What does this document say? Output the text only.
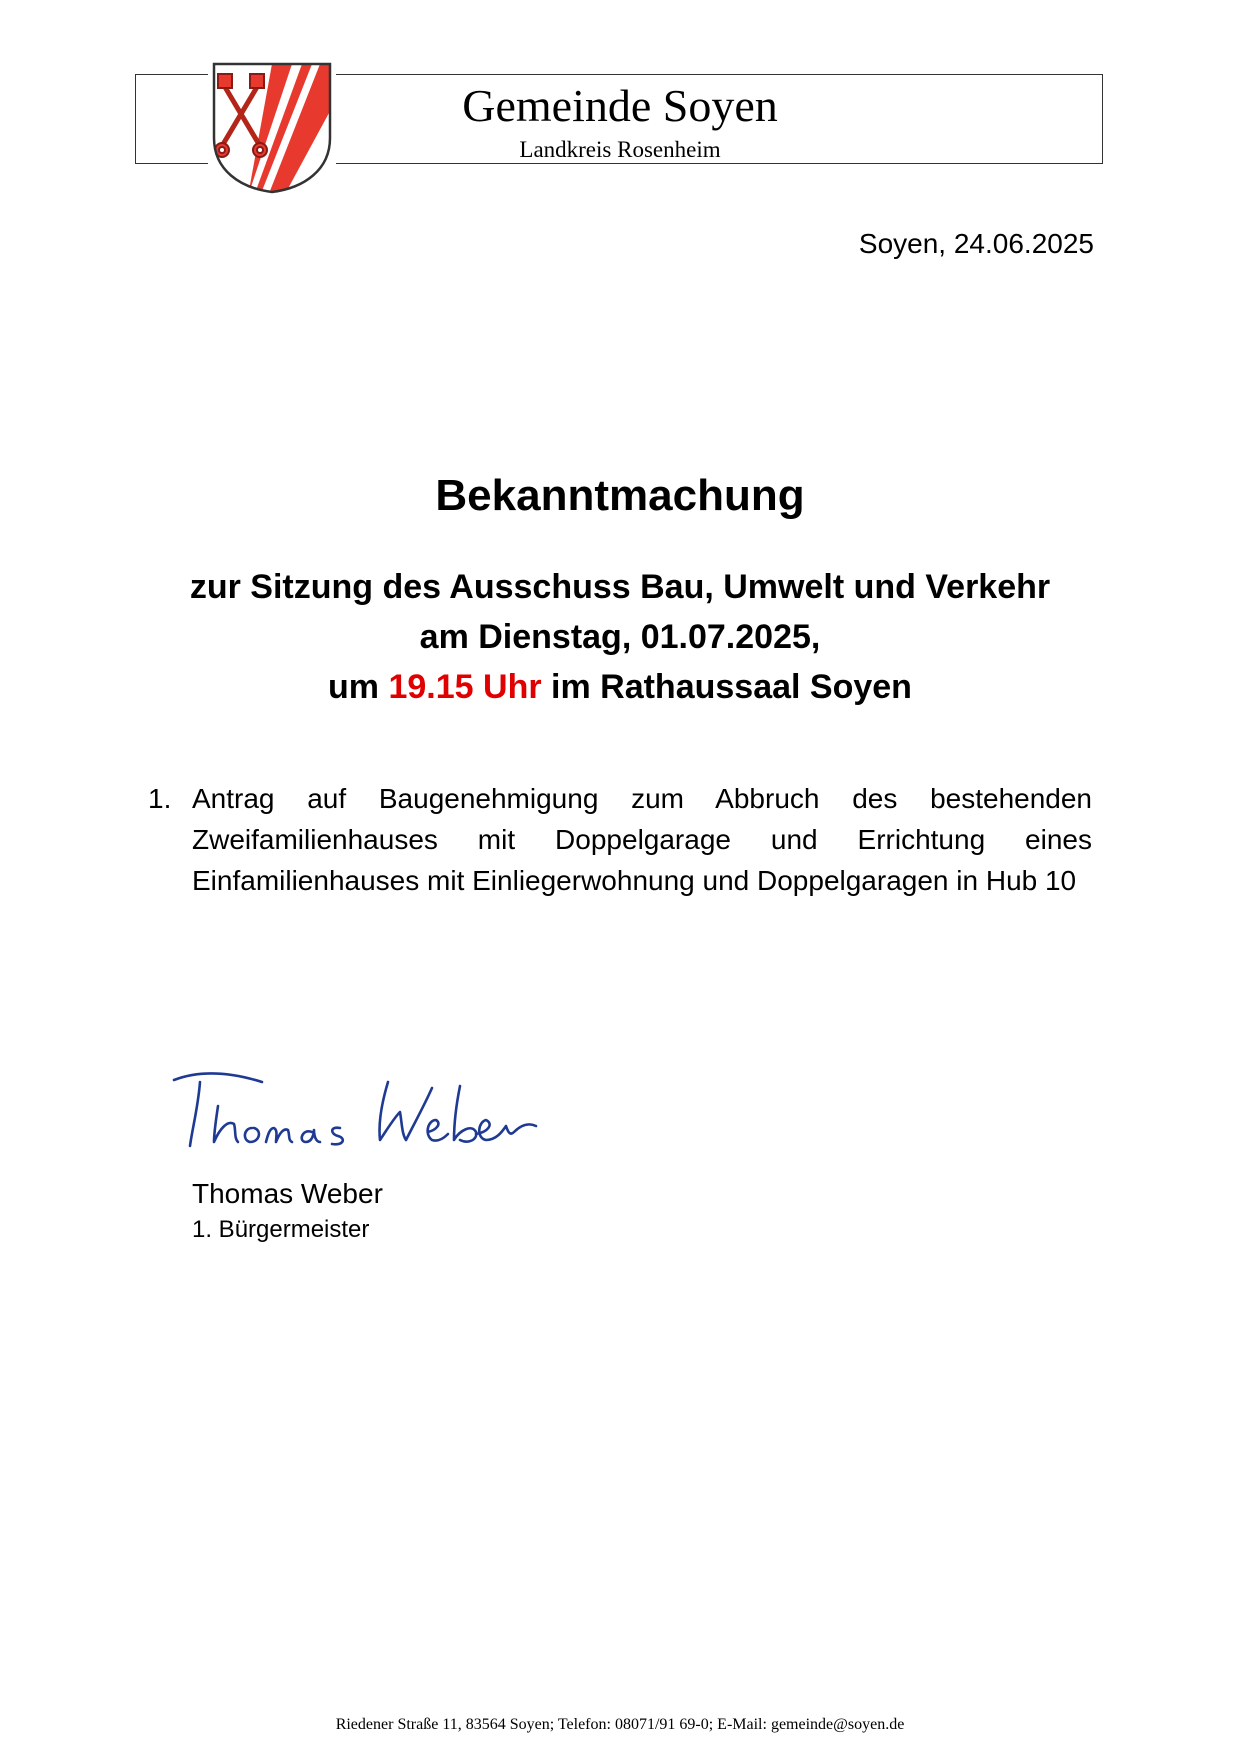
Gemeinde Soyen
Landkreis Rosenheim
Soyen, 24.06.2025
Bekanntmachung
zur Sitzung des Ausschuss Bau, Umwelt und Verkehr
am Dienstag, 01.07.2025,
um 19.15 Uhr im Rathaussaal Soyen
1. Antrag auf Baugenehmigung zum Abbruch des bestehenden Zweifamilienhauses mit Doppelgarage und Errichtung eines Einfamilienhauses mit Einliegerwohnung und Doppelgaragen in Hub 10
Thomas Weber
1. Bürgermeister
Riedener Straße 11, 83564 Soyen; Telefon: 08071/91 69-0; E-Mail: gemeinde@soyen.de
